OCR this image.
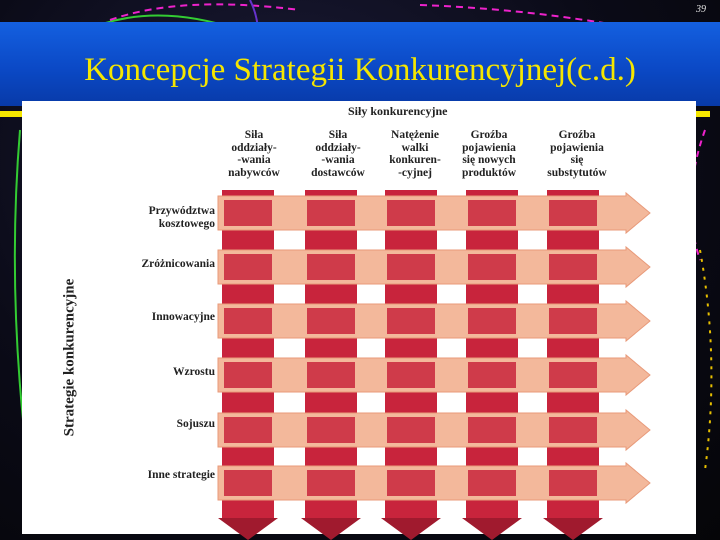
39
Koncepcje Strategii Konkurencyjnej(c.d.)
Siły konkurencyjne
Strategie konkurencyjne
Siła
oddziały-
-wania
nabywców
Siła
oddziały-
-wania
dostawców
Natężenie
walki
konkuren-
-cyjnej
Groźba
pojawienia
się nowych
produktów
Groźba
pojawienia
się
substytutów
Przywództwa
kosztowego
Zróżnicowania
Innowacyjne
Wzrostu
Sojuszu
Inne strategie
